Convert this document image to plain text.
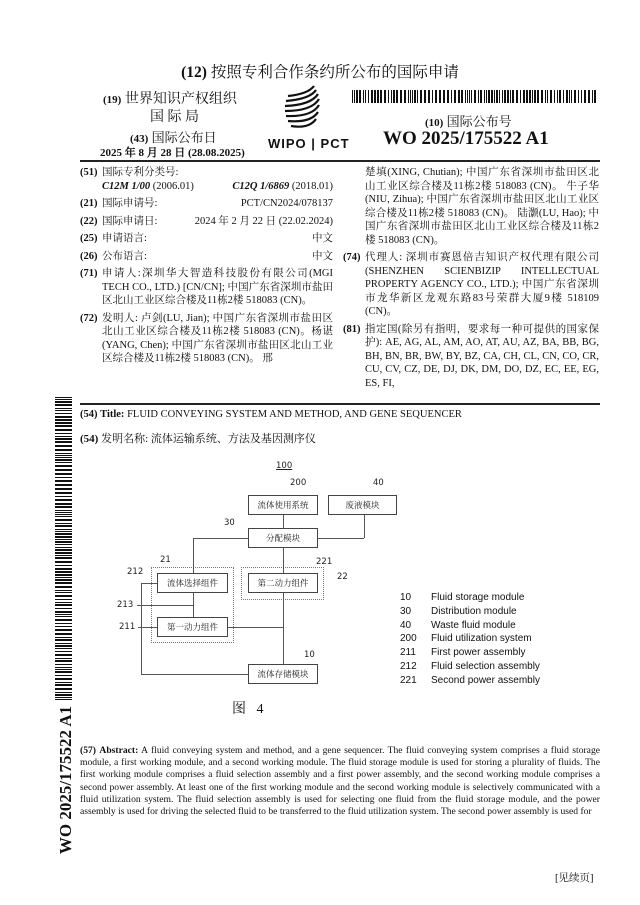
(12) 按照专利合作条约所公布的国际申请
(19) 世界知识产权组织
国 际 局
(43) 国际公布日
2025 年 8 月 28 日 (28.08.2025)
WIPO | PCT
(10) 国际公布号
WO 2025/175522 A1
(51) 国际专利分类号:
C12M 1/00 (2006.01)	C12Q 1/6869 (2018.01)
(21) 国际申请号:	PCT/CN2024/078137
(22) 国际申请日:	2024 年 2 月 22 日 (22.02.2024)
(25) 申请语言:	中文
(26) 公布语言:	中文
(71) 申请人:深圳华大智造科技股份有限公司(MGI TECH CO., LTD.) [CN/CN]; 中国广东省深圳市盐田区北山工业区综合楼及11栋2楼 518083 (CN)。
(72) 发明人: 卢剑(LU, Jian); 中国广东省深圳市盐田区北山工业区综合楼及11栋2楼 518083 (CN)。杨谌(YANG, Chen); 中国广东省深圳市盐田区北山工业区综合楼及11栋2楼 518083 (CN)。 邢
楚填(XING, Chutian); 中国广东省深圳市盐田区北山工业区综合楼及11栋2楼 518083 (CN)。 牛子华(NIU, Zihua); 中国广东省深圳市盐田区北山工业区综合楼及11栋2楼 518083 (CN)。 陆灏(LU, Hao); 中国广东省深圳市盐田区北山工业区综合楼及11栋2楼 518083 (CN)。
(74) 代理人: 深圳市赛恩倍吉知识产权代理有限公司(SHENZHEN SCIENBIZIP INTELLECTUAL PROPERTY AGENCY CO., LTD.); 中国广东省深圳市龙华新区龙观东路83号荣群大厦9楼 518109 (CN)。
(81) 指定国(除另有指明，要求每一种可提供的国家保护): AE, AG, AL, AM, AO, AT, AU, AZ, BA, BB, BG, BH, BN, BR, BW, BY, BZ, CA, CH, CL, CN, CO, CR, CU, CV, CZ, DE, DJ, DK, DM, DO, DZ, EC, EE, EG, ES, FI,
WO 2025/175522 A1
(54) Title: FLUID CONVEYING SYSTEM AND METHOD, AND GENE SEQUENCER
(54) 发明名称: 流体运输系统、方法及基因测序仪
100
流体使用系统	废液模块
分配模块
流体选择组件	第二动力组件
第一动力组件
流体存储模块
200	40
30
21
212
221
22
213
211
10
图   4
10 Fluid storage module
30 Distribution module
40 Waste fluid module
200 Fluid utilization system
211 First power assembly
212 Fluid selection assembly
221 Second power assembly
(57) Abstract: A fluid conveying system and method, and a gene sequencer. The fluid conveying system comprises a fluid storage module, a first working module, and a second working module. The fluid storage module is used for storing a plurality of fluids. The first working module comprises a fluid selection assembly and a first power assembly, and the second working module comprises a second power assembly. At least one of the first working module and the second working module is selectively communicated with a fluid utilization system. The fluid selection assembly is used for selecting one fluid from the fluid storage module, and the power assembly is used for driving the selected fluid to be transferred to the fluid utilization system. The second power assembly is used for
[见续页]
